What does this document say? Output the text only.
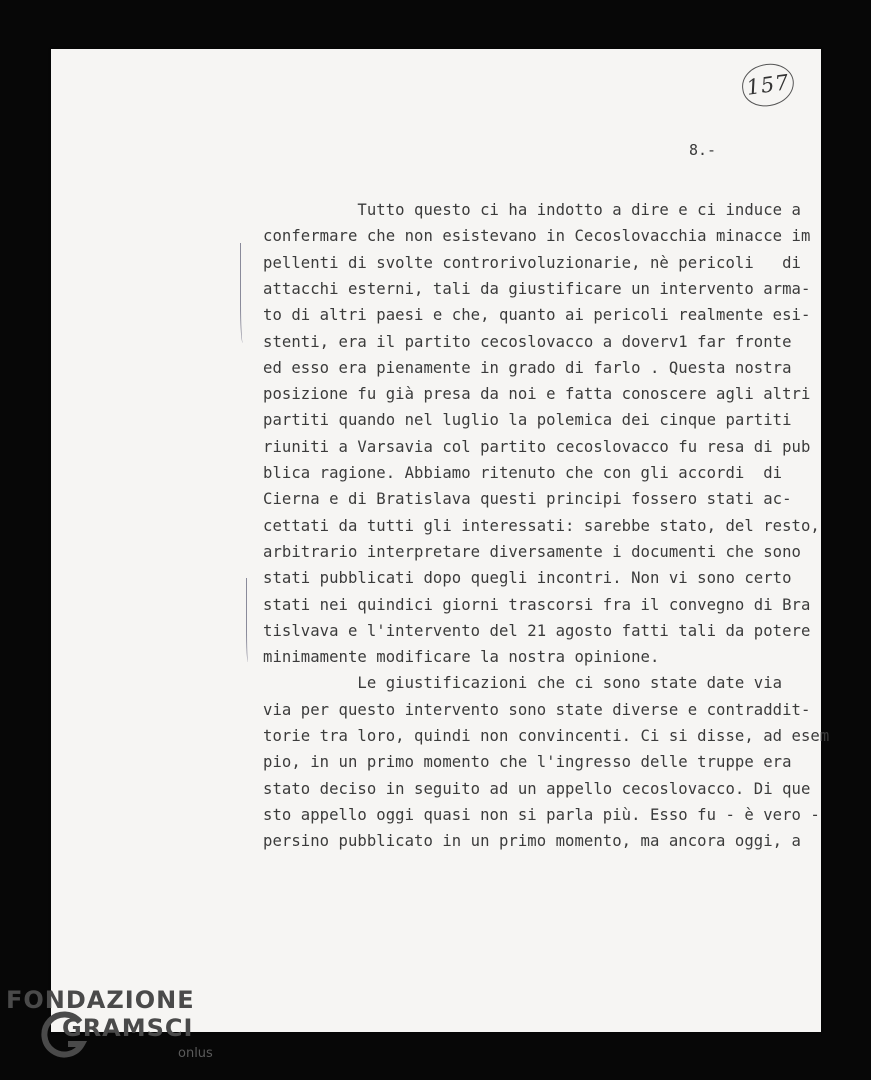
157
8.-
Tutto questo ci ha indotto a dire e ci induce a
confermare che non esistevano in Cecoslovacchia minacce im
pellenti di svolte controrivoluzionarie, nè pericoli   di
attacchi esterni, tali da giustificare un intervento arma-
to di altri paesi e che, quanto ai pericoli realmente esi-
stenti, era il partito cecoslovacco a doverv1 far fronte
ed esso era pienamente in grado di farlo . Questa nostra
posizione fu già presa da noi e fatta conoscere agli altri
partiti quando nel luglio la polemica dei cinque partiti
riuniti a Varsavia col partito cecoslovacco fu resa di pub
blica ragione. Abbiamo ritenuto che con gli accordi  di
Cierna e di Bratislava questi principi fossero stati ac-
cettati da tutti gli interessati: sarebbe stato, del resto,
arbitrario interpretare diversamente i documenti che sono
stati pubblicati dopo quegli incontri. Non vi sono certo
stati nei quindici giorni trascorsi fra il convegno di Bra
tislvava e l'intervento del 21 agosto fatti tali da potere
minimamente modificare la nostra opinione.
Le giustificazioni che ci sono state date via
via per questo intervento sono state diverse e contraddit-
torie tra loro, quindi non convincenti. Ci si disse, ad esem
pio, in un primo momento che l'ingresso delle truppe era
stato deciso in seguito ad un appello cecoslovacco. Di que
sto appello oggi quasi non si parla più. Esso fu - è vero -
persino pubblicato in un primo momento, ma ancora oggi, a
FONDAZIONE
GRAMSCI
onlus
